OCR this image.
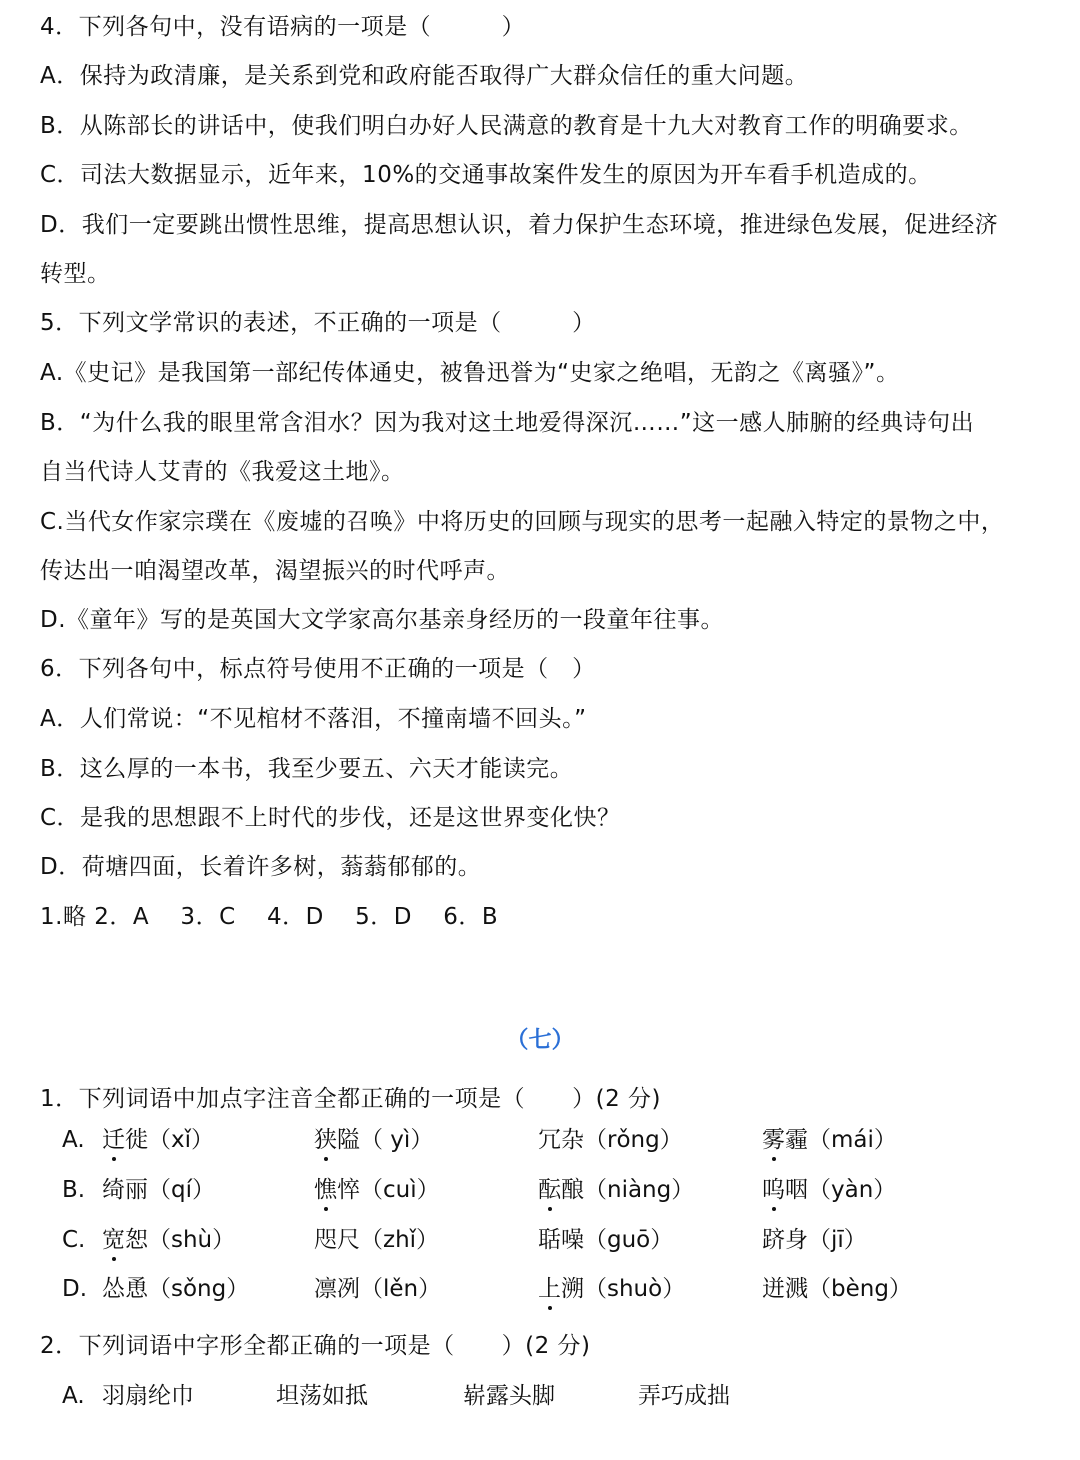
4．下列各句中，没有语病的一项是（　　　）
A．保持为政清廉，是关系到党和政府能否取得广大群众信任的重大问题。
B．从陈部长的讲话中，使我们明白办好人民满意的教育是十九大对教育工作的明确要求。
C．司法大数据显示，近年来，10%的交通事故案件发生的原因为开车看手机造成的。
D．我们一定要跳出惯性思维，提高思想认识，着力保护生态环境，推进绿色发展，促进经济
转型。
5．下列文学常识的表述，不正确的一项是（　　　）
A.《史记》是我国第一部纪传体通史，被鲁迅誉为“史家之绝唱，无韵之《离骚》”。
B．“为什么我的眼里常含泪水？因为我对这土地爱得深沉……”这一感人肺腑的经典诗句出
自当代诗人艾青的《我爱这土地》。
C.当代女作家宗璞在《废墟的召唤》中将历史的回顾与现实的思考一起融入特定的景物之中，
传达出一咱渴望改革，渴望振兴的时代呼声。
D.《童年》写的是英国大文学家高尔基亲身经历的一段童年往事。
6．下列各句中，标点符号使用不正确的一项是（　）
A．人们常说：“不见棺材不落泪，不撞南墙不回头。”
B．这么厚的一本书，我至少要五、六天才能读完。
C．是我的思想跟不上时代的步伐，还是这世界变化快？
D．荷塘四面，长着许多树，蓊蓊郁郁的。
1.略 2．A　 3．C　 4．D　 5．D　 6．B
（七）
1．下列词语中加点字注音全都正确的一项是（　　）(2 分)
A. 迁徙（xǐ）	狭隘（ yì）	冗杂（rǒng）	雾霾（mái）
B. 绮丽（qí）	憔悴（cuì）	酝酿（niàng）	呜咽（yàn）
C. 宽恕（shù）	咫尺（zhǐ）	聒噪（guō）	跻身（jī）
D. 怂恿（sǒng）	凛冽（lěn）	上溯（shuò）	迸溅（bèng）
2．下列词语中字形全都正确的一项是（　　）(2 分)
A. 羽扇纶巾	坦荡如抵	崭露头脚	弄巧成拙
